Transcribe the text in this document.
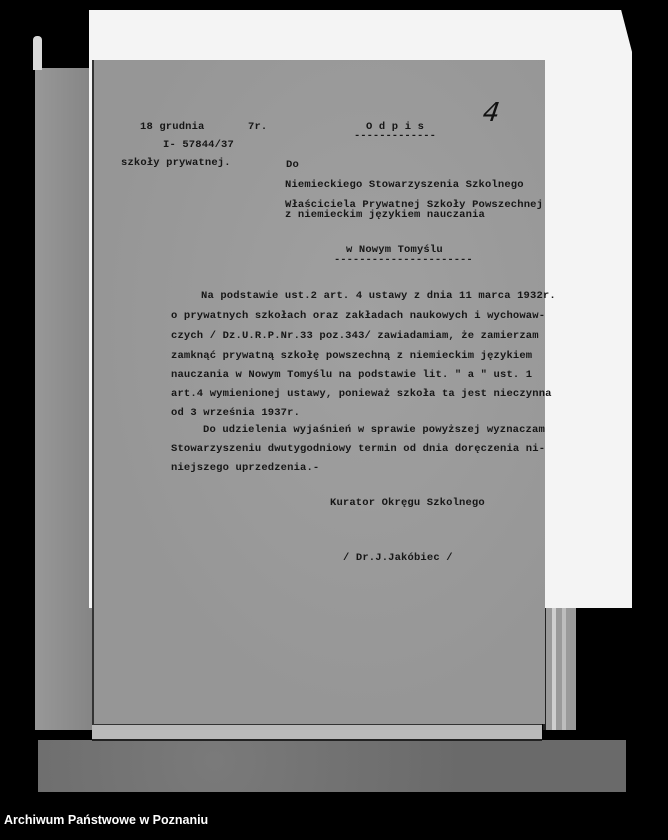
18 grudnia	7r.
I- 57844/37
szkoły prywatnej.
O d p i s
-------------
4
Do
Niemieckiego Stowarzyszenia Szkolnego
Właściciela Prywatnej Szkoły Powszechnej
z niemieckim językiem nauczania
w Nowym Tomyślu
----------------------
Na podstawie ust.2 art. 4 ustawy z dnia 11 marca 1932r.
o prywatnych szkołach oraz zakładach naukowych i wychowaw-
czych / Dz.U.R.P.Nr.33 poz.343/ zawiadamiam, że zamierzam
zamknąć prywatną szkołę powszechną z niemieckim językiem
nauczania w Nowym Tomyślu na podstawie lit. " a " ust. 1
art.4 wymienionej ustawy, ponieważ szkoła ta jest nieczynna
od 3 września 1937r.
Do udzielenia wyjaśnień w sprawie powyższej wyznaczam
Stowarzyszeniu dwutygodniowy termin od dnia doręczenia ni-
niejszego uprzedzenia.-
Kurator Okręgu Szkolnego
/ Dr.J.Jakóbiec /
Archiwum Państwowe w Poznaniu
